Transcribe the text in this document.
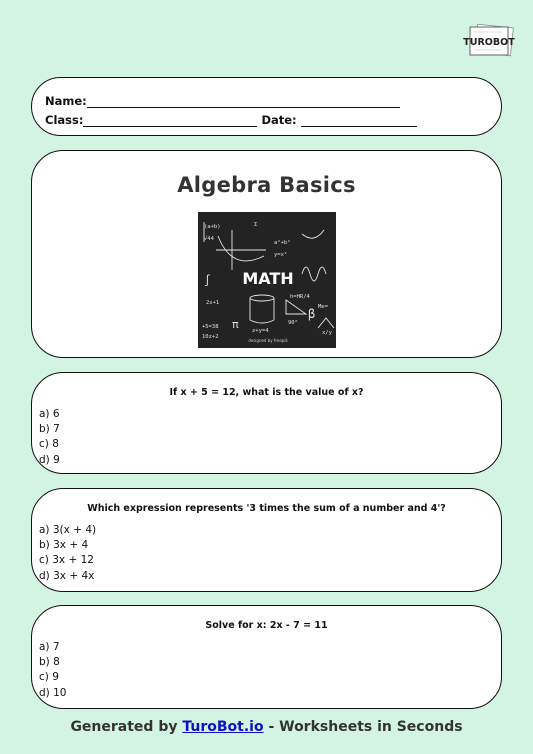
TUROBOT
Name:
Class:	Date:
Algebra Basics
(a+b)
√44
a²+b²
y=x²
2x+1
+5=38
10z+2
h=HR/4
Me=
Σ
π
β
∫
z+y=4
90°
x/y
MATH
designed by freepik
If x + 5 = 12, what is the value of x?
a) 6
b) 7
c) 8
d) 9
Which expression represents '3 times the sum of a number and 4'?
a) 3(x + 4)
b) 3x + 4
c) 3x + 12
d) 3x + 4x
Solve for x: 2x - 7 = 11
a) 7
b) 8
c) 9
d) 10
Generated by TuroBot.io - Worksheets in Seconds
